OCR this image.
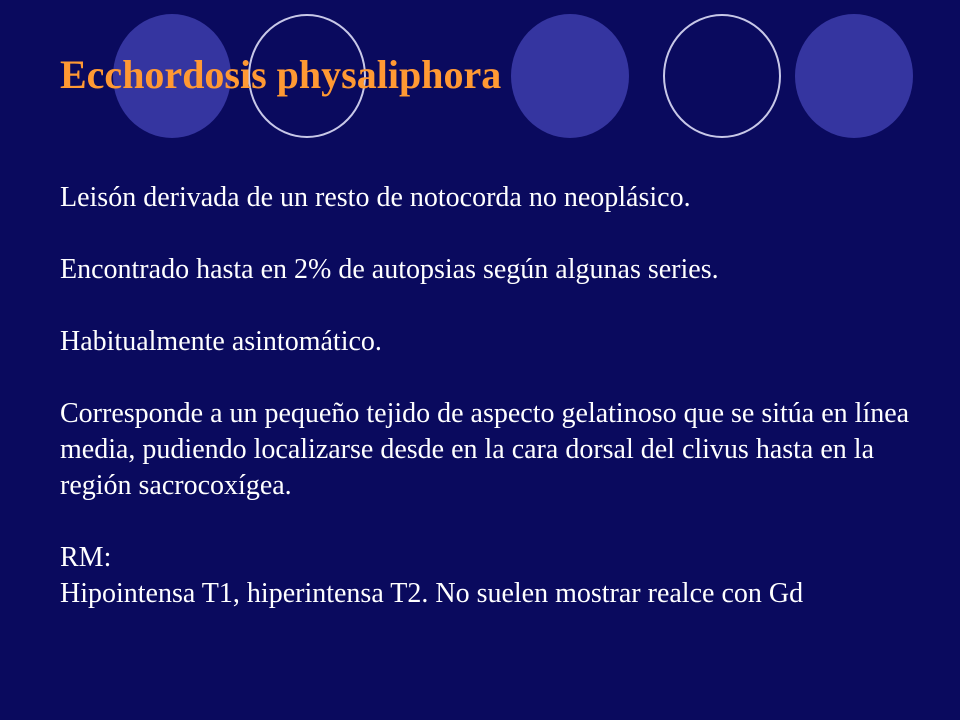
Ecchordosis physaliphora

Leisón derivada de un resto de notocorda no neoplásico.

Encontrado hasta en 2% de autopsias según algunas series.

Habitualmente asintomático.

Corresponde a un pequeño tejido de aspecto gelatinoso que se sitúa en línea media, pudiendo localizarse desde en la cara dorsal del clivus hasta en la región sacrocoxígea.

RM:

Hipointensa T1, hiperintensa T2. No suelen mostrar realce con Gd
